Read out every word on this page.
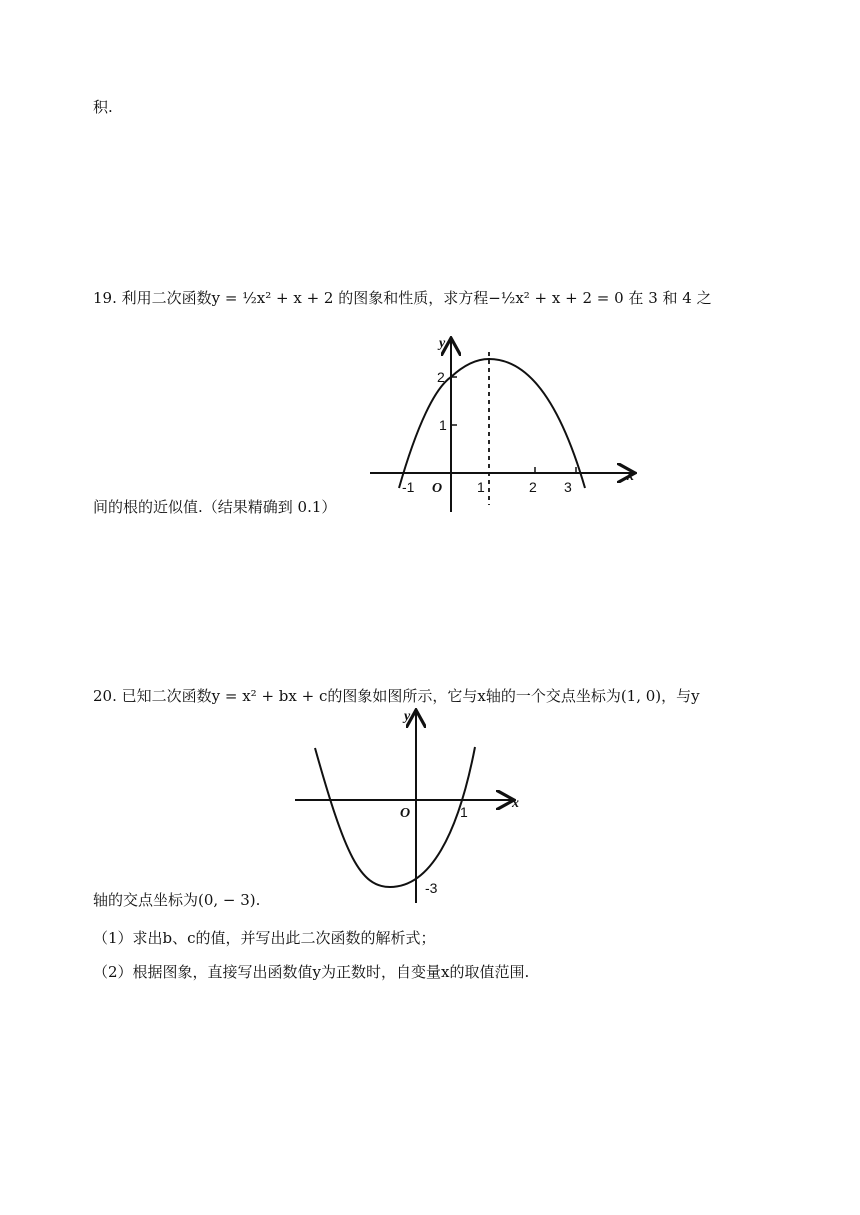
积.
19. 利用二次函数y = ½x² + x + 2 的图象和性质，求方程−½x² + x + 2 = 0 在 3 和 4 之
y
x
O
-1	1	2 3
1
2
间的根的近似值.（结果精确到 0.1）
20. 已知二次函数y = x² + bx + c的图象如图所示，它与x轴的一个交点坐标为(1, 0)，与y
y
x
O	1
-3
轴的交点坐标为(0, − 3).
（1）求出b、c的值，并写出此二次函数的解析式；
（2）根据图象，直接写出函数值y为正数时，自变量x的取值范围.
